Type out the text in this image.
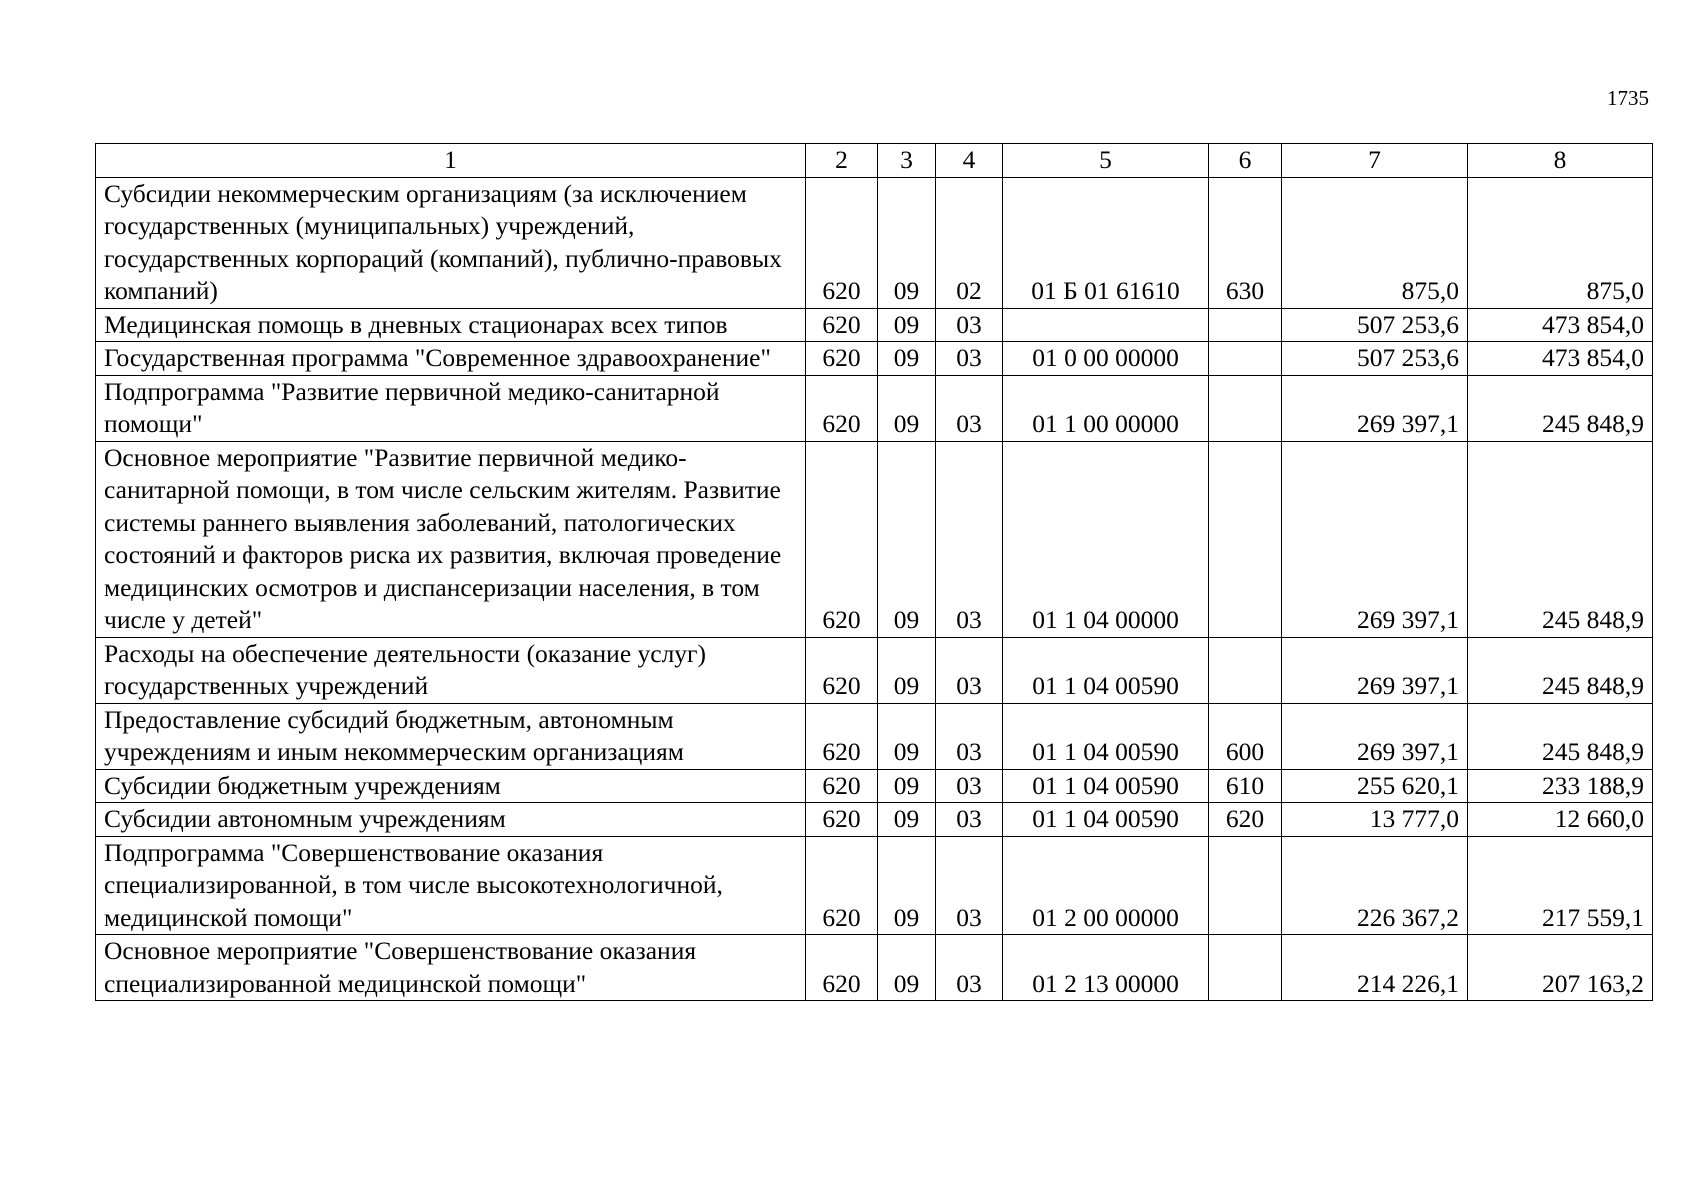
1735
1	2	3	4	5	6	7	8
Субсидии некоммерческим организациям (за исключением государственных (муниципальных) учреждений, государственных корпораций (компаний), публично-правовых компаний)	620	09	02	01 Б 01 61610	630	875,0	875,0
Медицинская помощь в дневных стационарах всех типов	620	09	03			507 253,6	473 854,0
Государственная программа "Современное здравоохранение"	620	09	03	01 0 00 00000		507 253,6	473 854,0
Подпрограмма "Развитие первичной медико-санитарной помощи"	620	09	03	01 1 00 00000		269 397,1	245 848,9
Основное мероприятие "Развитие первичной медико-санитарной помощи, в том числе сельским жителям. Развитие системы раннего выявления заболеваний, патологических состояний и факторов риска их развития, включая проведение медицинских осмотров и диспансеризации населения, в том числе у детей"	620	09	03	01 1 04 00000		269 397,1	245 848,9
Расходы на обеспечение деятельности (оказание услуг) государственных учреждений	620	09	03	01 1 04 00590		269 397,1	245 848,9
Предоставление субсидий бюджетным, автономным учреждениям и иным некоммерческим организациям	620	09	03	01 1 04 00590	600	269 397,1	245 848,9
Субсидии бюджетным учреждениям	620	09	03	01 1 04 00590	610	255 620,1	233 188,9
Субсидии автономным учреждениям	620	09	03	01 1 04 00590	620	13 777,0	12 660,0
Подпрограмма "Совершенствование оказания специализированной, в том числе высокотехнологичной, медицинской помощи"	620	09	03	01 2 00 00000		226 367,2	217 559,1
Основное мероприятие "Совершенствование оказания специализированной медицинской помощи"	620	09	03	01 2 13 00000		214 226,1	207 163,2
